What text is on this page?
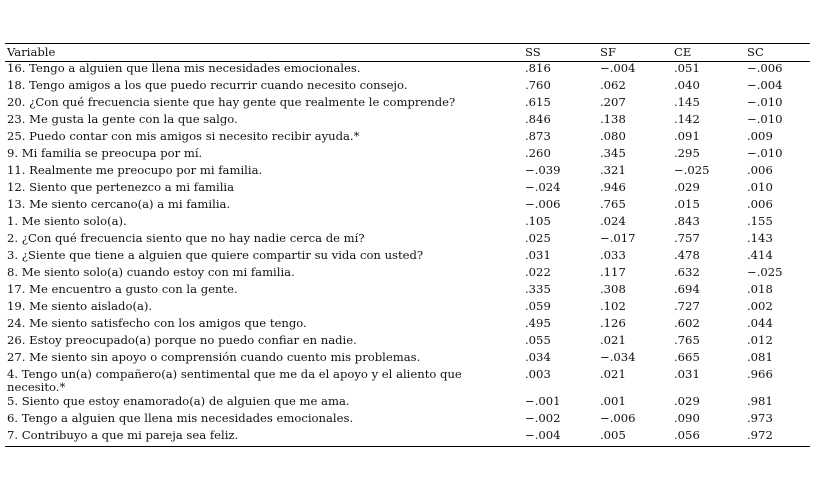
Variable	SS	SF	CE	SC
16. Tengo a alguien que llena mis necesidades emocionales.	.816	−.004	.051	−.006
18. Tengo amigos a los que puedo recurrir cuando necesito consejo.	.760	.062	.040	−.004
20. ¿Con qué frecuencia siente que hay gente que realmente le comprende?	.615	.207	.145	−.010
23. Me gusta la gente con la que salgo.	.846	.138	.142	−.010
25. Puedo contar con mis amigos si necesito recibir ayuda.*	.873	.080	.091	.009
9. Mi familia se preocupa por mí.	.260	.345	.295	−.010
11. Realmente me preocupo por mi familia.	−.039	.321	−.025	.006
12. Siento que pertenezco a mi familia	−.024	.946	.029	.010
13. Me siento cercano(a) a mi familia.	−.006	.765	.015	.006
1. Me siento solo(a).	.105	.024	.843	.155
2. ¿Con qué frecuencia siento que no hay nadie cerca de mí?	.025	−.017	.757	.143
3. ¿Siente que tiene a alguien que quiere compartir su vida con usted?	.031	.033	.478	.414
8. Me siento solo(a) cuando estoy con mi familia.	.022	.117	.632	−.025
17. Me encuentro a gusto con la gente.	.335	.308	.694	.018
19. Me siento aislado(a).	.059	.102	.727	.002
24. Me siento satisfecho con los amigos que tengo.	.495	.126	.602	.044
26. Estoy preocupado(a) porque no puedo confiar en nadie.	.055	.021	.765	.012
27. Me siento sin apoyo o comprensión cuando cuento mis problemas.	.034	−.034	.665	.081
4. Tengo un(a) compañero(a) sentimental que me da el apoyo y el aliento que necesito.*	.003	.021	.031	.966
5. Siento que estoy enamorado(a) de alguien que me ama.	−.001	.001	.029	.981
6. Tengo a alguien que llena mis necesidades emocionales.	−.002	−.006	.090	.973
7. Contribuyo a que mi pareja sea feliz.	−.004	.005	.056	.972
